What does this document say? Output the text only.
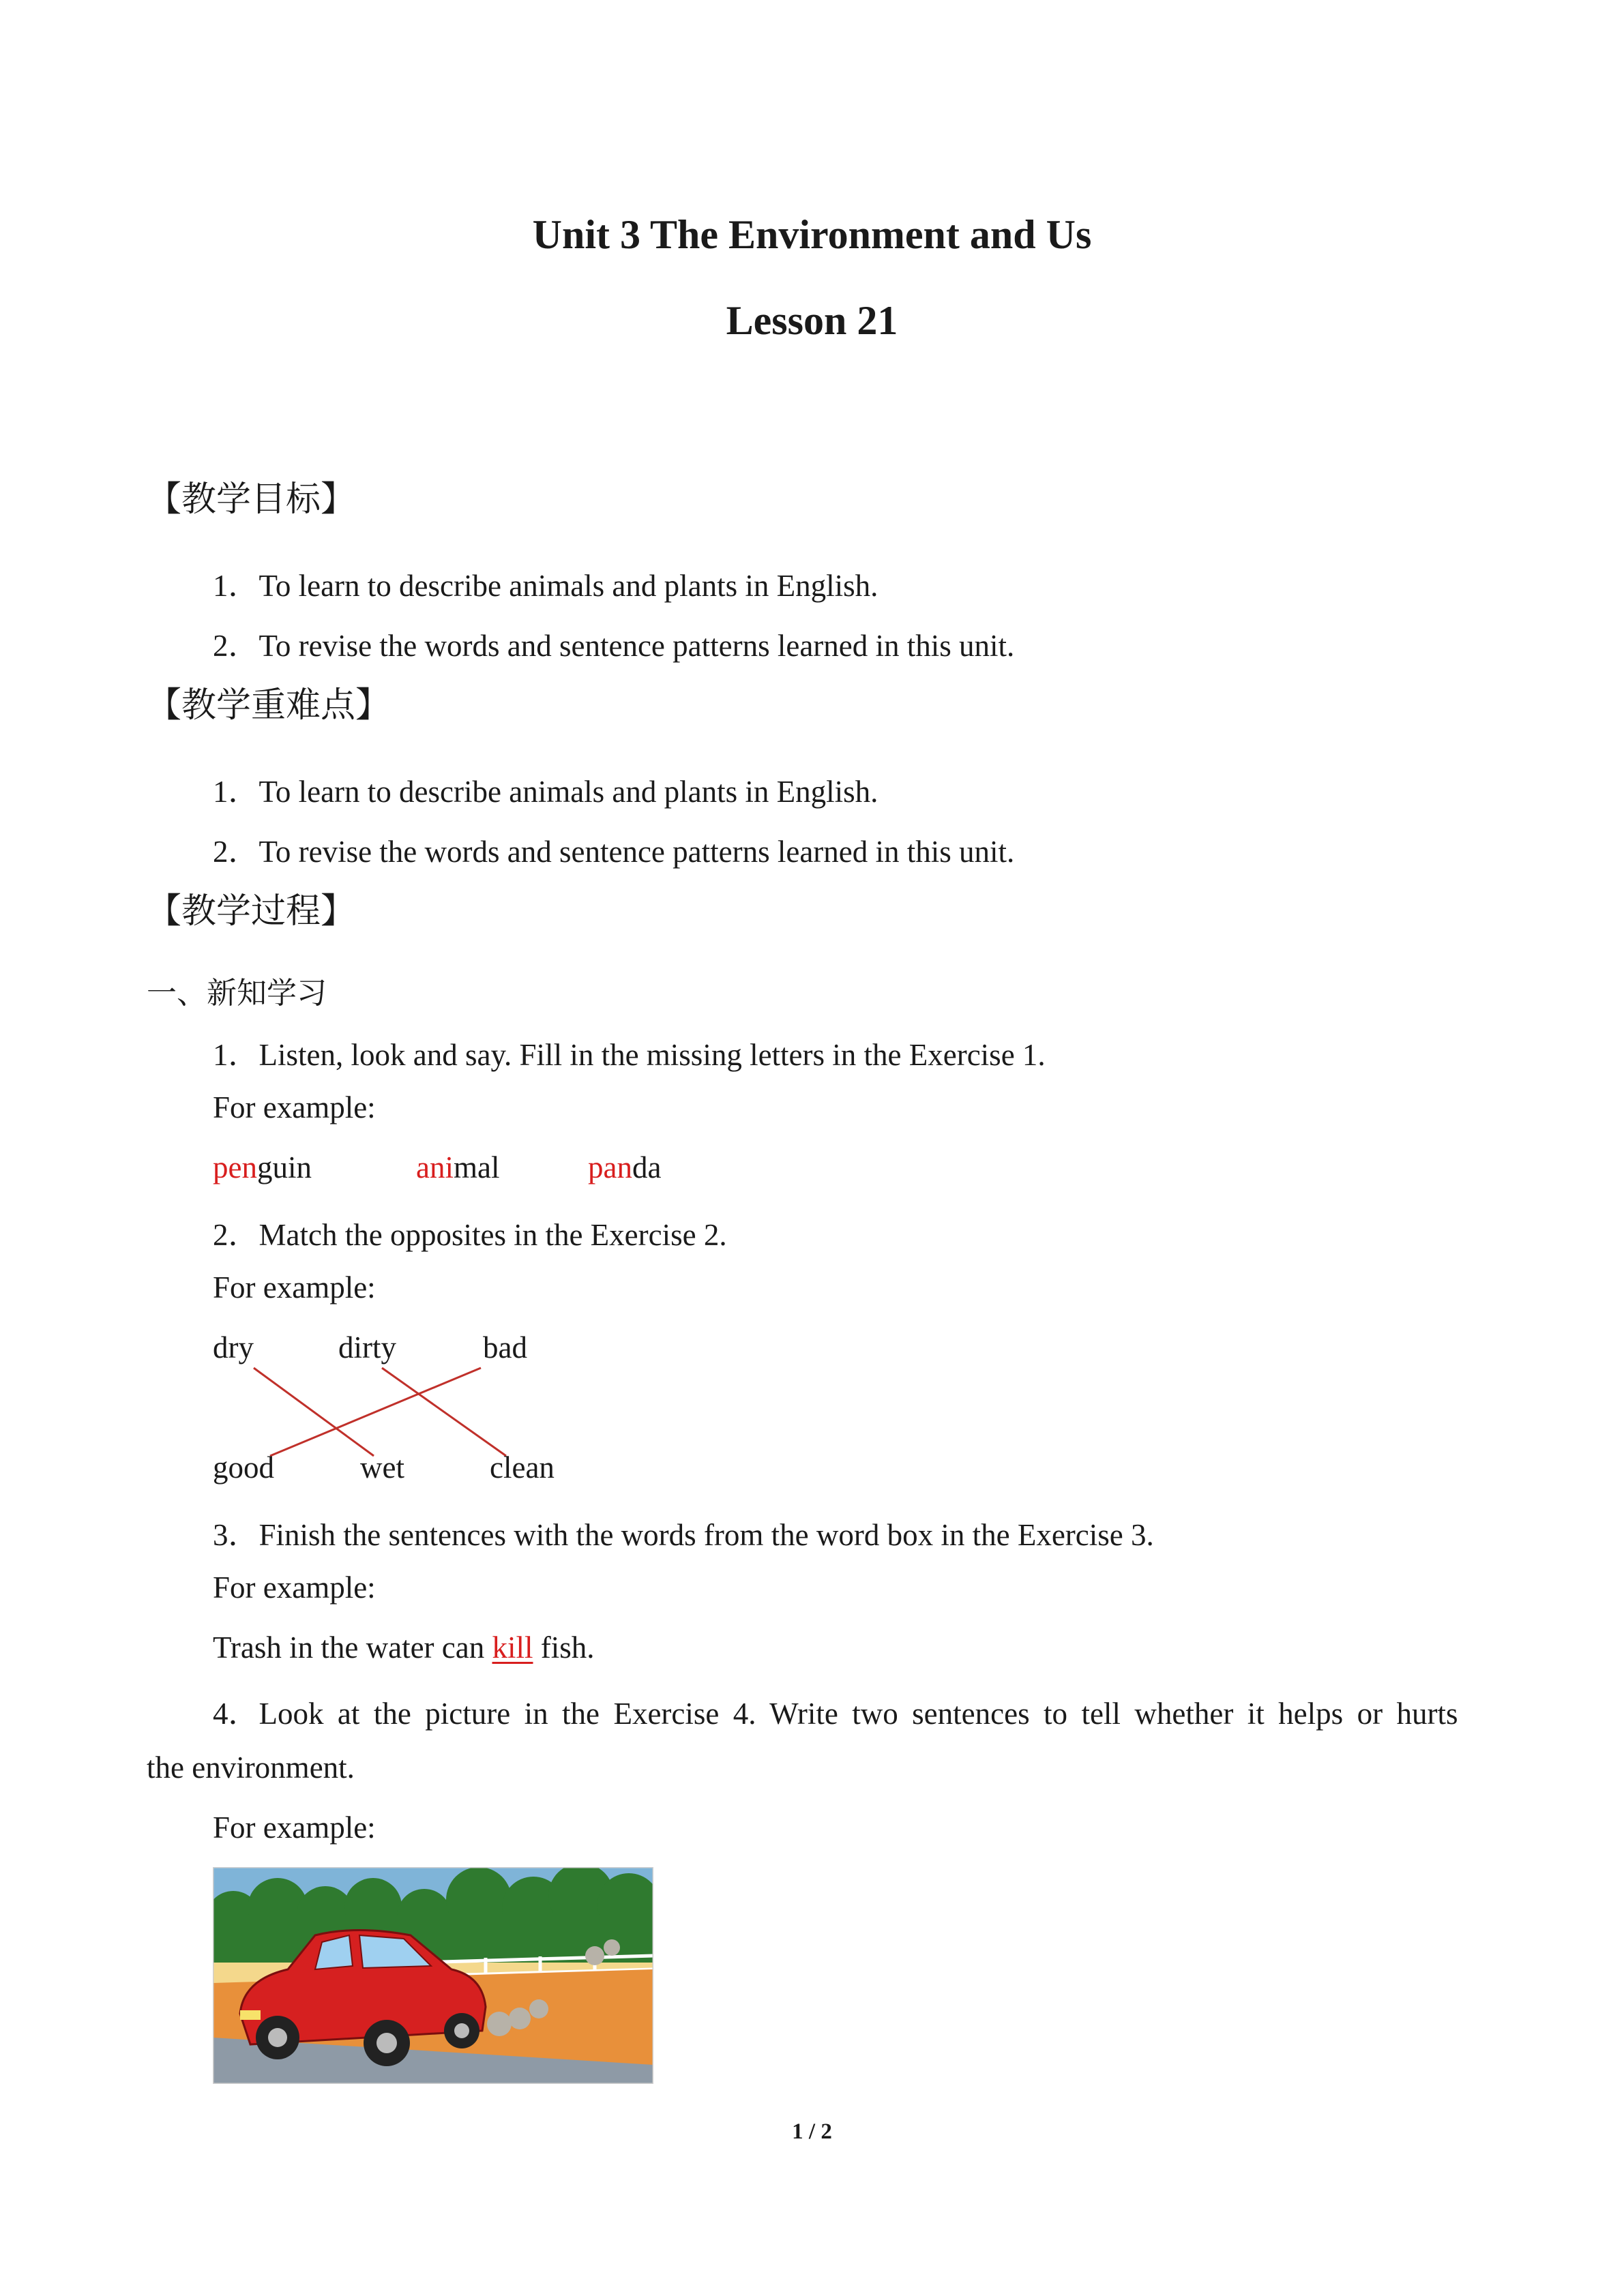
Unit 3 The Environment and Us
Lesson 21
【教学目标】
1．To learn to describe animals and plants in English.
2．To revise the words and sentence patterns learned in this unit.
【教学重难点】
1．To learn to describe animals and plants in English.
2．To revise the words and sentence patterns learned in this unit.
【教学过程】
一、新知学习
1．Listen, look and say. Fill in the missing letters in the Exercise 1.
For example:
penguin	animal	panda
2．Match the opposites in the Exercise 2.
For example:
dry	dirty	bad
good	wet	clean
3．Finish the sentences with the words from the word box in the Exercise 3.
For example:
Trash in the water can kill fish.
4．Look at the picture in the Exercise 4. Write two sentences to tell whether it helps or hurts
the environment.
For example:
1 / 2
